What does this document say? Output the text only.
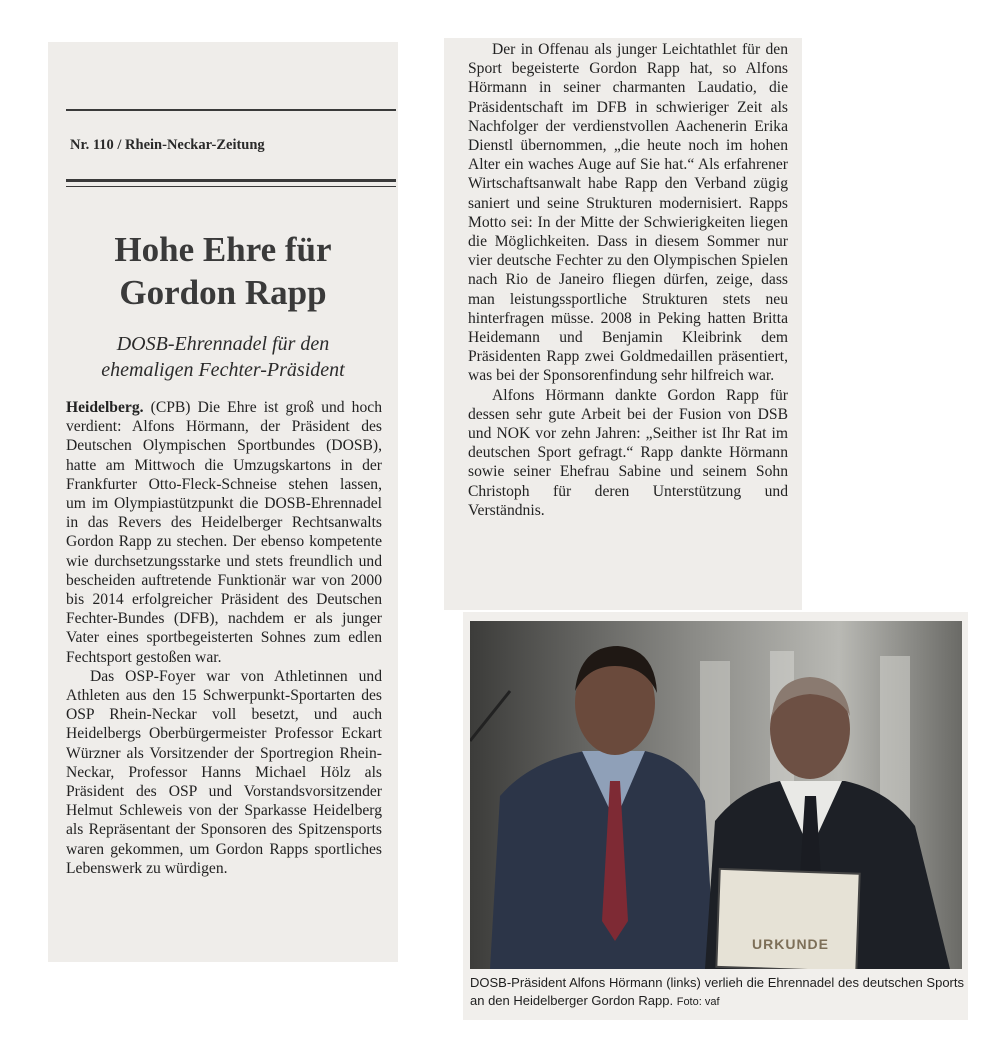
Nr. 110 / Rhein-Neckar-Zeitung
Hohe Ehre für
Gordon Rapp
DOSB-Ehrennadel für den
ehemaligen Fechter-Präsident

Heidelberg. (CPB) Die Ehre ist groß und hoch verdient: Alfons Hörmann, der Präsident des Deutschen Olympischen Sportbundes (DOSB), hatte am Mittwoch die Umzugskartons in der Frankfurter Otto-Fleck-Schneise stehen lassen, um im Olympiastützpunkt die DOSB-Ehrennadel in das Revers des Heidelberger Rechtsanwalts Gordon Rapp zu stechen. Der ebenso kompetente wie durchsetzungsstarke und stets freundlich und bescheiden auftretende Funktionär war von 2000 bis 2014 erfolgreicher Präsident des Deutschen Fechter-Bundes (DFB), nachdem er als junger Vater eines sportbegeisterten Sohnes zum edlen Fechtsport gestoßen war.

Das OSP-Foyer war von Athletinnen und Athleten aus den 15 Schwerpunkt-Sportarten des OSP Rhein-Neckar voll besetzt, und auch Heidelbergs Oberbürgermeister Professor Eckart Würzner als Vorsitzender der Sportregion Rhein-Neckar, Professor Hanns Michael Hölz als Präsident des OSP und Vorstandsvorsitzender Helmut Schleweis von der Sparkasse Heidelberg als Repräsentant der Sponsoren des Spitzensports waren gekommen, um Gordon Rapps sportliches Lebenswerk zu würdigen.

Der in Offenau als junger Leichtathlet für den Sport begeisterte Gordon Rapp hat, so Alfons Hörmann in seiner charmanten Laudatio, die Präsidentschaft im DFB in schwieriger Zeit als Nachfolger der verdienstvollen Aachenerin Erika Dienstl übernommen, „die heute noch im hohen Alter ein waches Auge auf Sie hat.“ Als erfahrener Wirtschaftsanwalt habe Rapp den Verband zügig saniert und seine Strukturen modernisiert. Rapps Motto sei: In der Mitte der Schwierigkeiten liegen die Möglichkeiten. Dass in diesem Sommer nur vier deutsche Fechter zu den Olympischen Spielen nach Rio de Janeiro fliegen dürfen, zeige, dass man leistungssportliche Strukturen stets neu hinterfragen müsse. 2008 in Peking hatten Britta Heidemann und Benjamin Kleibrink dem Präsidenten Rapp zwei Goldmedaillen präsentiert, was bei der Sponsorenfindung sehr hilfreich war.

Alfons Hörmann dankte Gordon Rapp für dessen sehr gute Arbeit bei der Fusion von DSB und NOK vor zehn Jahren: „Seither ist Ihr Rat im deutschen Sport gefragt.“ Rapp dankte Hörmann sowie seiner Ehefrau Sabine und seinem Sohn Christoph für deren Unterstützung und Verständnis.

URKUNDE
DOSB-Präsident Alfons Hörmann (links) verlieh die Ehrennadel des deutschen Sports an den Heidelberger Gordon Rapp. Foto: vaf
